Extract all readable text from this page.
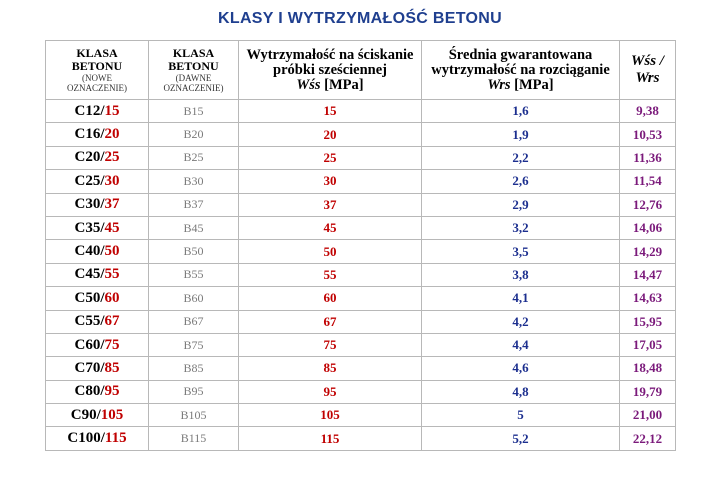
KLASY I WYTRZYMAŁOŚĆ BETONU
KLASA
BETONU
(NOWE
OZNACZENIE)	KLASA
BETONU
(DAWNE
OZNACZENIE)	Wytrzymałość na ściskanie
próbki sześciennej
Wśs [MPa]	Średnia gwarantowana
wytrzymałość na rozciąganie
Wrs [MPa]	Wśs /
Wrs

C12/15	B15	15	1,6	9,38
C16/20	B20	20	1,9	10,53
C20/25	B25	25	2,2	11,36
C25/30	B30	30	2,6	11,54
C30/37	B37	37	2,9	12,76
C35/45	B45	45	3,2	14,06
C40/50	B50	50	3,5	14,29
C45/55	B55	55	3,8	14,47
C50/60	B60	60	4,1	14,63
C55/67	B67	67	4,2	15,95
C60/75	B75	75	4,4	17,05
C70/85	B85	85	4,6	18,48
C80/95	B95	95	4,8	19,79
C90/105	B105	105	5	21,00
C100/115	B115	115	5,2	22,12
